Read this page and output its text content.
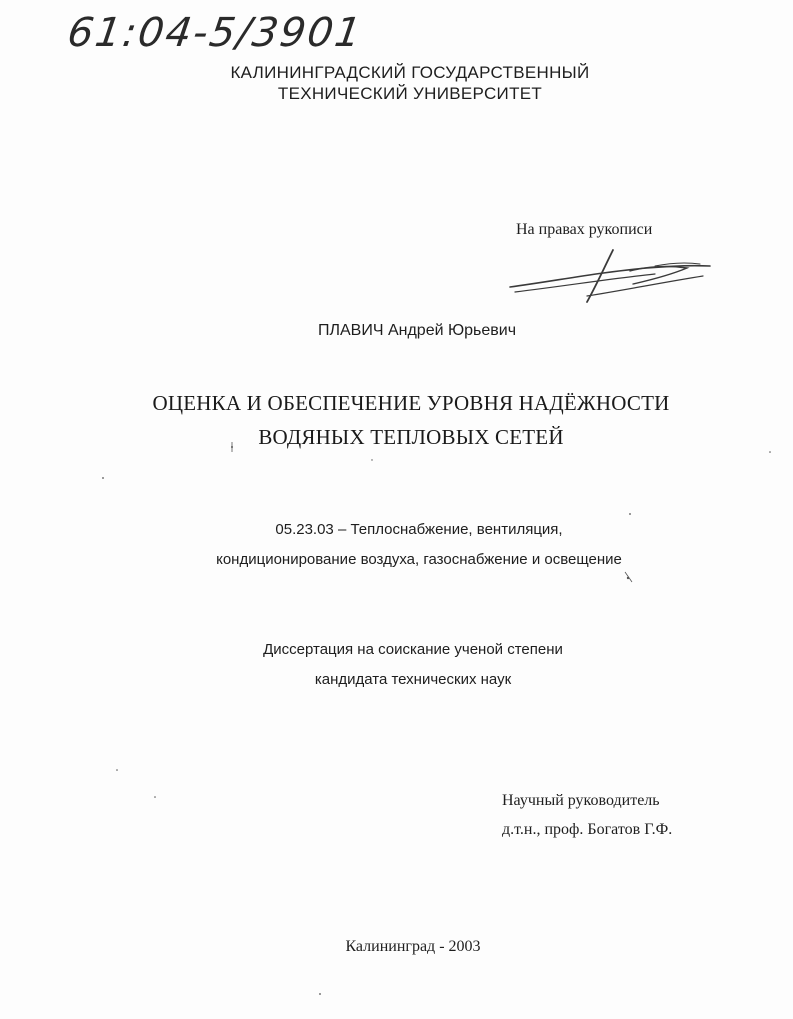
61:04-5/3901
КАЛИНИНГРАДСКИЙ ГОСУДАРСТВЕННЫЙ
ТЕХНИЧЕСКИЙ УНИВЕРСИТЕТ
На правах рукописи
ПЛАВИЧ Андрей Юрьевич
ОЦЕНКА И ОБЕСПЕЧЕНИЕ УРОВНЯ НАДЁЖНОСТИ
ВОДЯНЫХ ТЕПЛОВЫХ СЕТЕЙ
05.23.03 – Теплоснабжение, вентиляция,
кондиционирование воздуха, газоснабжение и освещение
Диссертация на соискание ученой степени
кандидата технических наук
Научный руководитель
д.т.н., проф. Богатов Г.Ф.
Калининград - 2003
